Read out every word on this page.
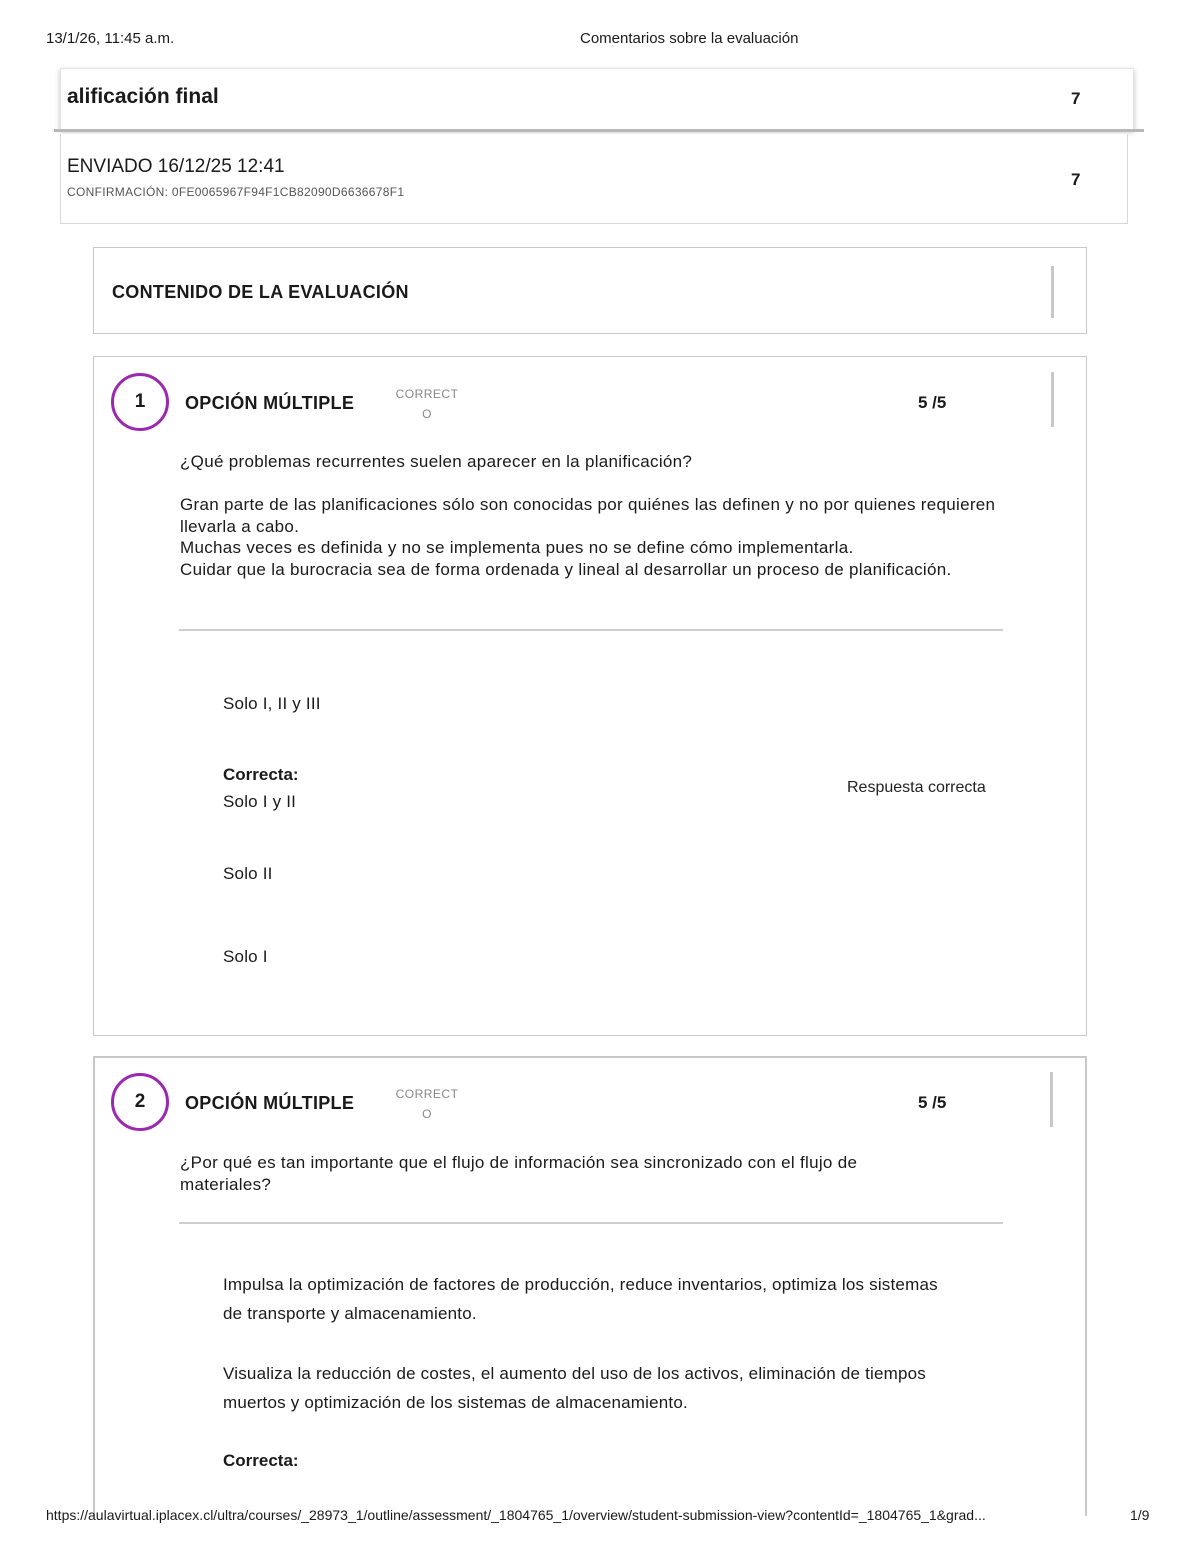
13/1/26, 11:45 a.m.	Comentarios sobre la evaluación
alificación final	7
ENVIADO 16/12/25 12:41
CONFIRMACIÓN: 0FE0065967F94F1CB82090D6636678F1
7
CONTENIDO DE LA EVALUACIÓN
1 OPCIÓN MÚLTIPLE	CORRECT O
5 /5
¿Qué problemas recurrentes suelen aparecer en la planificación?
Gran parte de las planificaciones sólo son conocidas por quiénes las definen y no por quienes requieren llevarla a cabo.
Muchas veces es definida y no se implementa pues no se define cómo implementarla.
Cuidar que la burocracia sea de forma ordenada y lineal al desarrollar un proceso de planificación.
Solo I, II y III
Correcta:
Solo I y II
Respuesta correcta
Solo II
Solo I
2 OPCIÓN MÚLTIPLE	CORRECT O
5 /5
¿Por qué es tan importante que el flujo de información sea sincronizado con el flujo de materiales?
Impulsa la optimización de factores de producción, reduce inventarios, optimiza los sistemas de transporte y almacenamiento.
Visualiza la reducción de costes, el aumento del uso de los activos, eliminación de tiempos muertos y optimización de los sistemas de almacenamiento.
Correcta:
https://aulavirtual.iplacex.cl/ultra/courses/_28973_1/outline/assessment/_1804765_1/overview/student-submission-view?contentId=_1804765_1&grad...	1/9
